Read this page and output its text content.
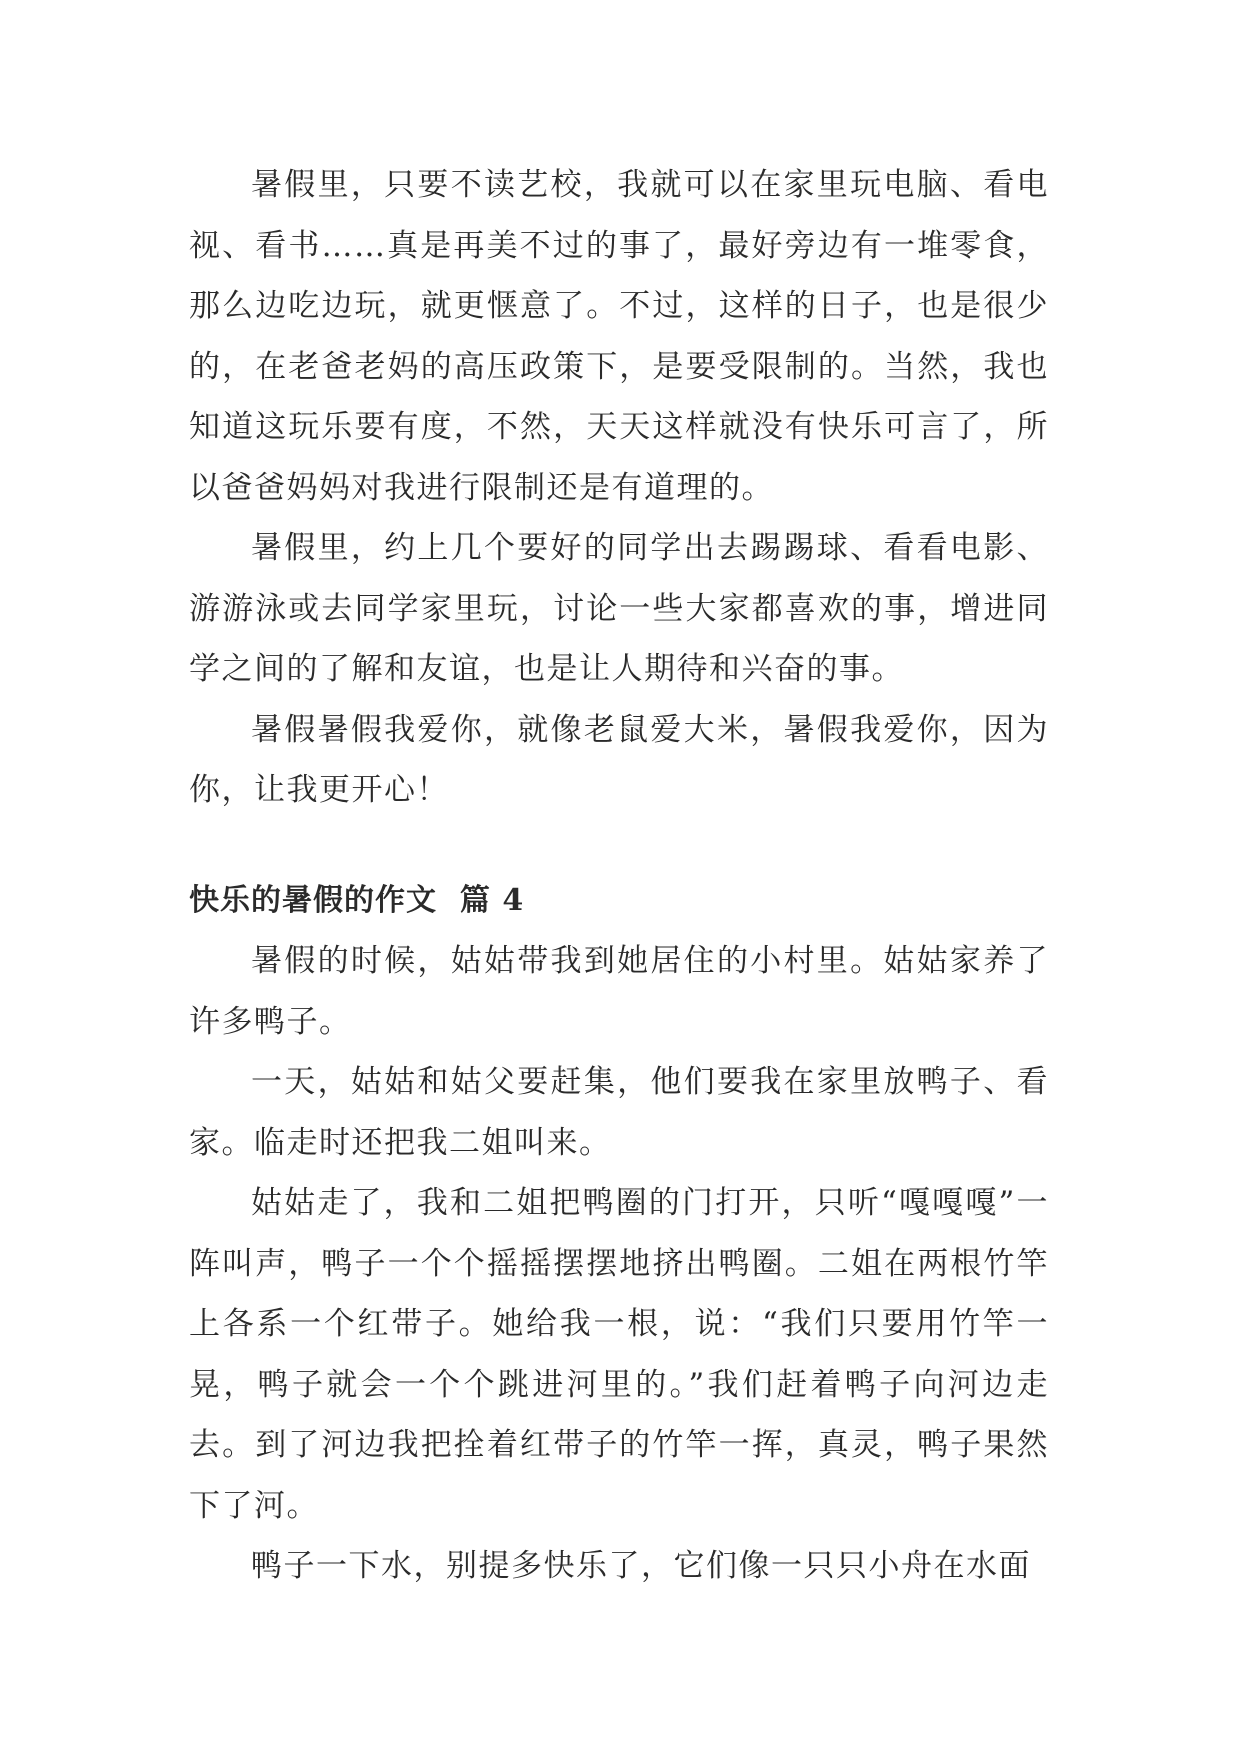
暑假里，只要不读艺校，我就可以在家里玩电脑、看电视、看书……真是再美不过的事了，最好旁边有一堆零食，那么边吃边玩，就更惬意了。不过，这样的日子，也是很少的，在老爸老妈的高压政策下，是要受限制的。当然，我也知道这玩乐要有度，不然，天天这样就没有快乐可言了，所以爸爸妈妈对我进行限制还是有道理的。

暑假里，约上几个要好的同学出去踢踢球、看看电影、游游泳或去同学家里玩，讨论一些大家都喜欢的事，增进同学之间的了解和友谊，也是让人期待和兴奋的事。

暑假暑假我爱你，就像老鼠爱大米，暑假我爱你，因为你，让我更开心！

快乐的暑假的作文  篇 4

暑假的时候，姑姑带我到她居住的小村里。姑姑家养了许多鸭子。

一天，姑姑和姑父要赶集，他们要我在家里放鸭子、看家。临走时还把我二姐叫来。

姑姑走了，我和二姐把鸭圈的门打开，只听“嘎嘎嘎”一阵叫声，鸭子一个个摇摇摆摆地挤出鸭圈。二姐在两根竹竿上各系一个红带子。她给我一根，说：“我们只要用竹竿一晃，鸭子就会一个个跳进河里的。”我们赶着鸭子向河边走去。到了河边我把拴着红带子的竹竿一挥，真灵，鸭子果然下了河。

鸭子一下水，别提多快乐了，它们像一只只小舟在水面
